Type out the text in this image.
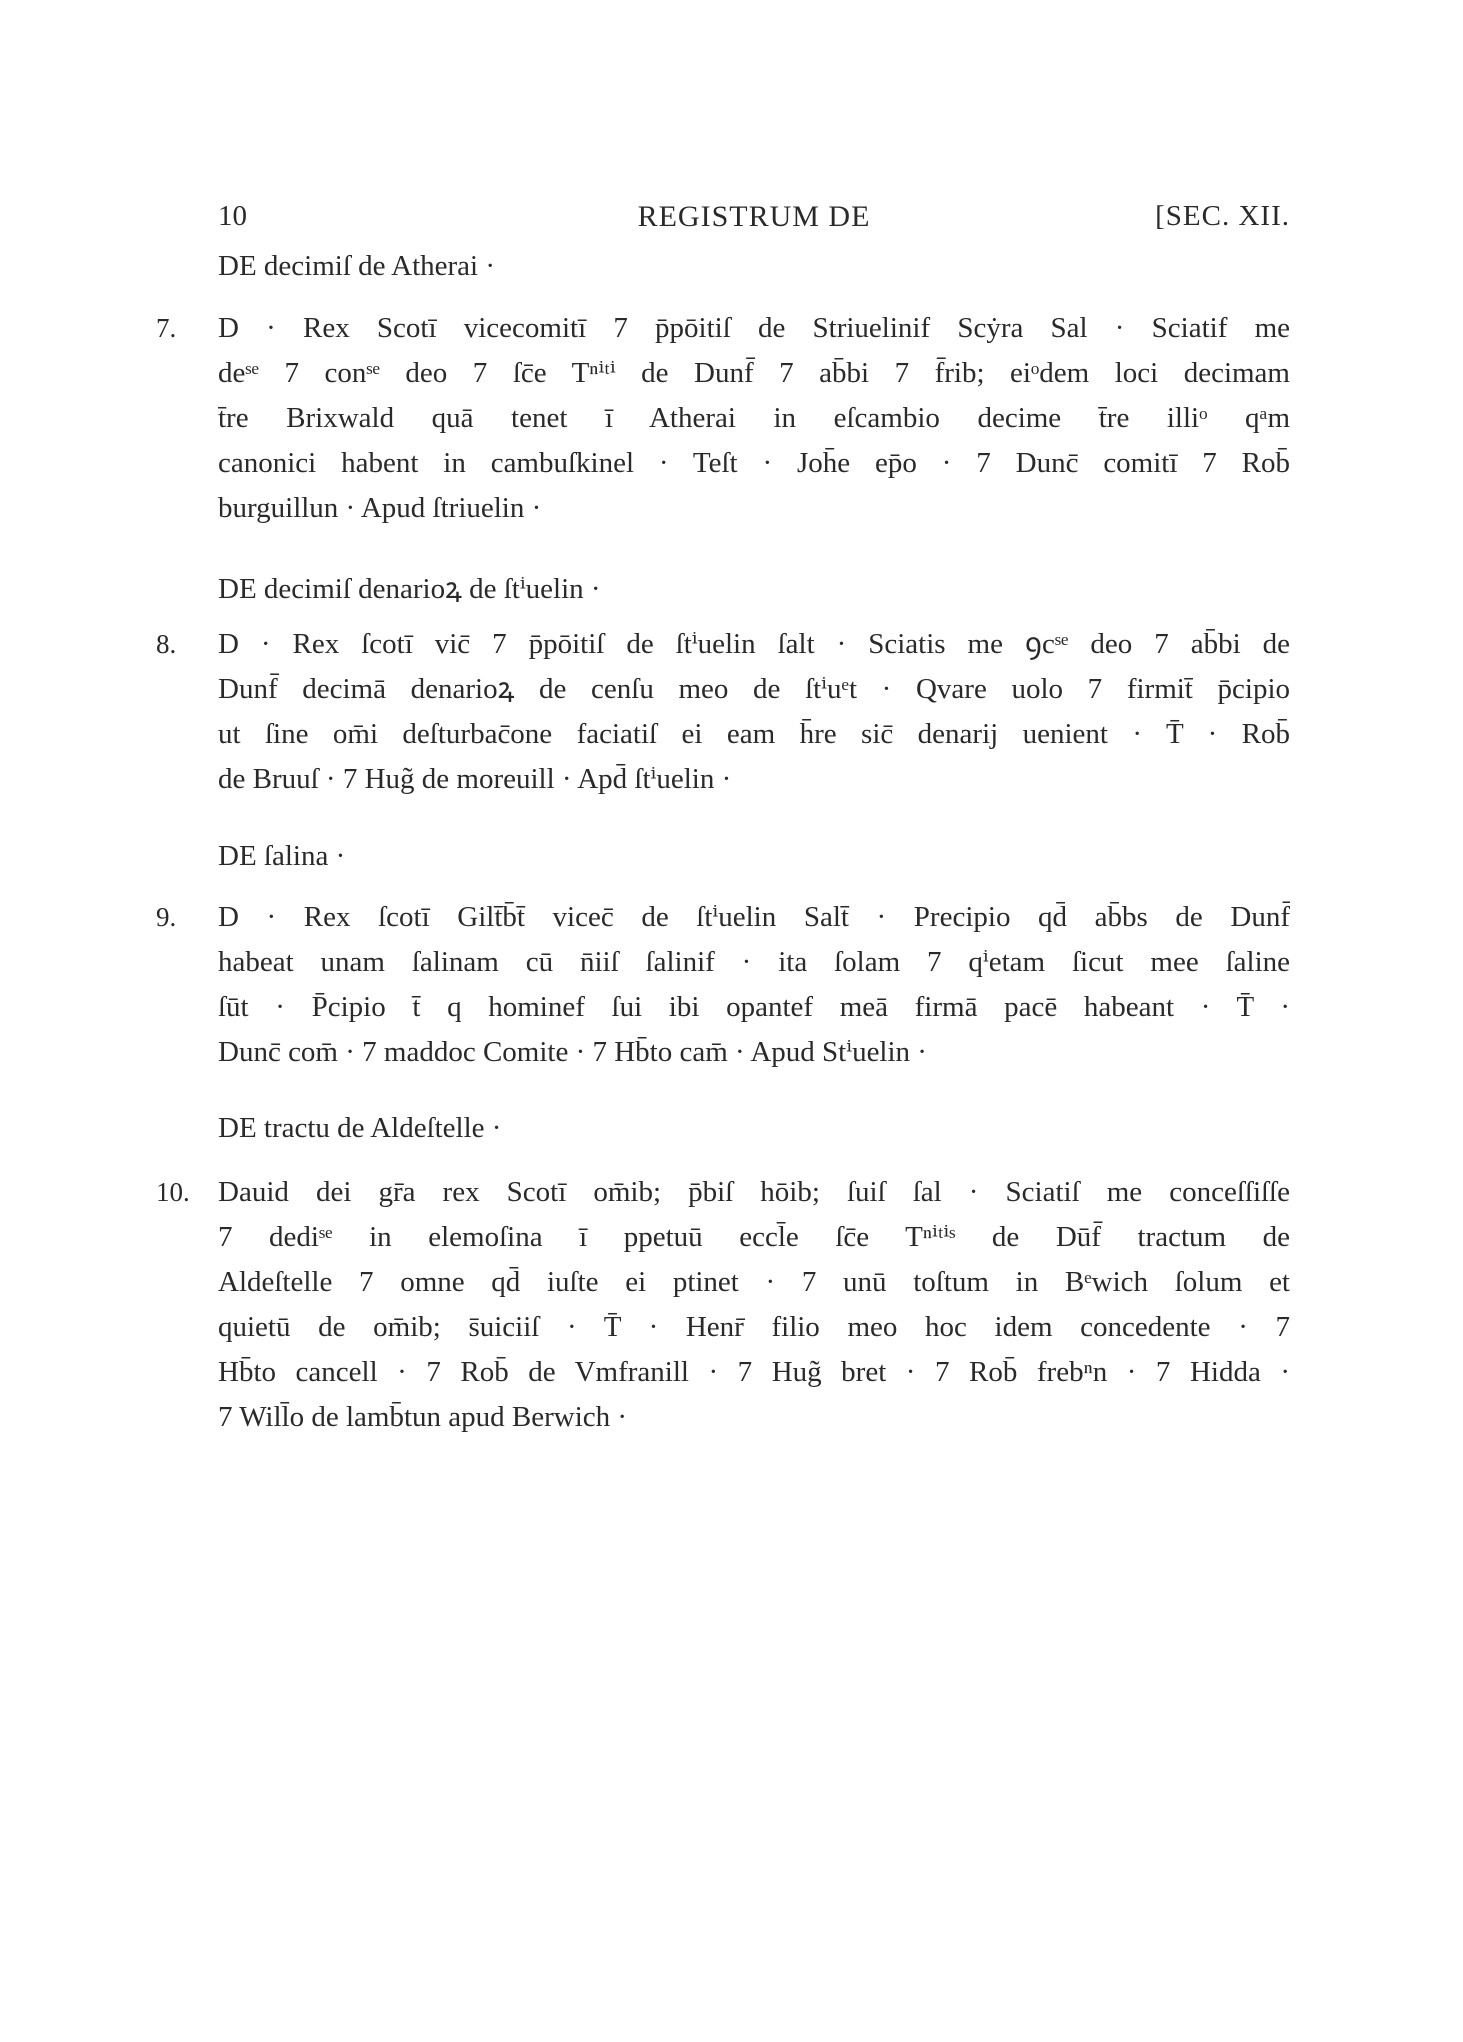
10	REGISTRUM DE	[SEC. XII.
DE decimiſ de Atherai ·
7. D · Rex Scotī vicecomitī 7 p̄pōitiſ de Striuelinif Scẏra Sal · Sciatif me
deˢᵉ 7 conˢᵉ deo 7 ſc̄e Tⁿⁱᵗⁱ de Dunf̄ 7 ab̄bi 7 f̄rib; eiᵒdem loci decimam
t̄re Brixwald quā tenet ī Atherai in eſcambio decime t̄re illiᵒ qᵃm
canonici habent in cambuſkinel · Teſt · Joh̄e ep̄o · 7 Dunc̄ comitī 7 Rob̄
burguillun · Apud ſtriuelin ·
DE decimiſ denarioꝝ de ſtⁱuelin ·
8. D · Rex ſcotī vic̄ 7 p̄pōitiſ de ſtⁱuelin ſalt · Sciatis me ꝯcˢᵉ deo 7 ab̄bi de
Dunf̄ decimā denarioꝝ de cenſu meo de ſtⁱuᵉt · Qvare uolo 7 firmit̄ p̄cipio
ut ſine om̄i deſturbac̄one faciatiſ ei eam h̄re sic̄ denarij uenient · T̄ · Rob̄
de Bruuſ · 7 Hug̃ de moreuill · Apd̄ ſtⁱuelin ·
DE ſalina ·
9. D · Rex ſcotī Gilt̄b̄t̄ vicec̄ de ſtⁱuelin Salt̄ · Precipio qd̄ ab̄bs de Dunf̄
habeat unam ſalinam cū n̄iiſ ſalinif · ita ſolam 7 qⁱetam ſicut mee ſaline
ſūt · P̄cipio t̄ q hominef ſui ibi opantef meā firmā pacē habeant · T̄ ·
Dunc̄ com̄ · 7 maddoc Comite · 7 Hb̄to cam̄ · Apud Stⁱuelin ·
DE tractu de Aldeſtelle ·
10. Dauid dei gr̄a rex Scotī om̄ib; p̄biſ hōib; ſuiſ ſal · Sciatiſ me conceſſiſſe
7 dediˢᵉ in elemoſina ī ppetuū eccl̄e ſc̄e Tⁿⁱᵗⁱˢ de Dūf̄ tractum de
Aldeſtelle 7 omne qd̄ iuſte ei ptinet · 7 unū toſtum in Bᵉwich ſolum et
quietū de om̄ib; s̄uiciiſ · T̄ · Henr̄ filio meo hoc idem concedente · 7
Hb̄to cancell · 7 Rob̄ de Vmfranill · 7 Hug̃ bret · 7 Rob̄ frebⁿn · 7 Hidda ·
7 Will̄o de lamb̄tun apud Berwich ·
